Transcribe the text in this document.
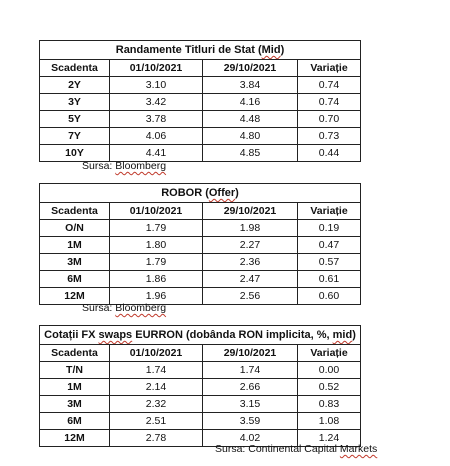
Randamente Titluri de Stat (Mid)			
Scadenta	01/10/2021	29/10/2021	Variație
2Y	3.10	3.84	0.74
3Y	3.42	4.16	0.74
5Y	3.78	4.48	0.70
7Y	4.06	4.80	0.73
10Y	4.41	4.85	0.44
Sursa: Bloomberg
ROBOR (Offer)			
Scadenta	01/10/2021	29/10/2021	Variație
O/N	1.79	1.98	0.19
1M	1.80	2.27	0.47
3M	1.79	2.36	0.57
6M	1.86	2.47	0.61
12M	1.96	2.56	0.60
Sursa: Bloomberg
Cotații FX swaps EURRON (dobânda RON implicita, %, mid)			
Scadenta	01/10/2021	29/10/2021	Variație
T/N	1.74	1.74	0.00
1M	2.14	2.66	0.52
3M	2.32	3.15	0.83
6M	2.51	3.59	1.08
12M	2.78	4.02	1.24
Sursa: Continental Capital Markets
